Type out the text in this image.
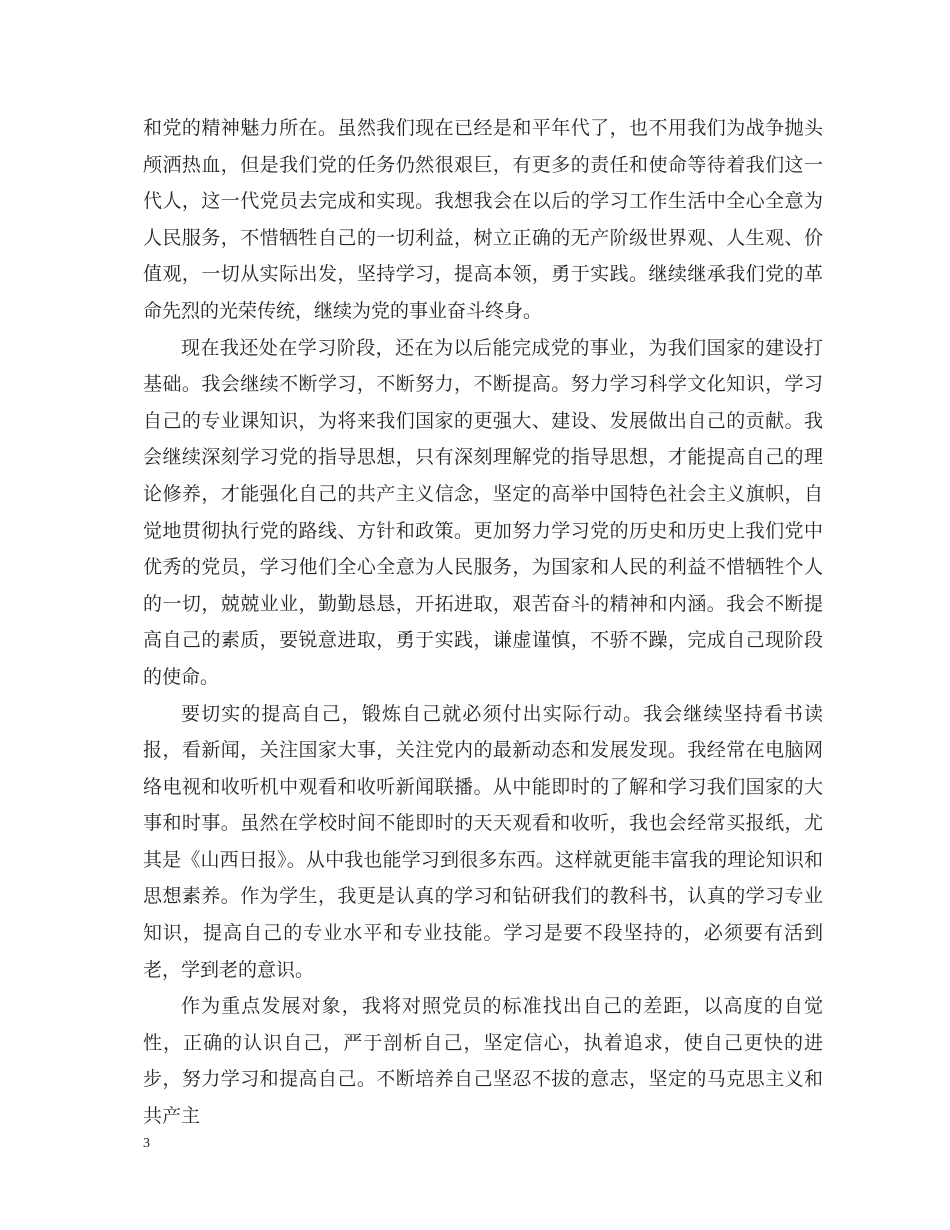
和党的精神魅力所在。虽然我们现在已经是和平年代了，也不用我们为战争抛头颅洒热血，但是我们党的任务仍然很艰巨，有更多的责任和使命等待着我们这一代人，这一代党员去完成和实现。我想我会在以后的学习工作生活中全心全意为人民服务，不惜牺牲自己的一切利益，树立正确的无产阶级世界观、人生观、价值观，一切从实际出发，坚持学习，提高本领，勇于实践。继续继承我们党的革命先烈的光荣传统，继续为党的事业奋斗终身。

现在我还处在学习阶段，还在为以后能完成党的事业，为我们国家的建设打基础。我会继续不断学习，不断努力，不断提高。努力学习科学文化知识，学习自己的专业课知识，为将来我们国家的更强大、建设、发展做出自己的贡献。我会继续深刻学习党的指导思想，只有深刻理解党的指导思想，才能提高自己的理论修养，才能强化自己的共产主义信念，坚定的高举中国特色社会主义旗帜，自觉地贯彻执行党的路线、方针和政策。更加努力学习党的历史和历史上我们党中优秀的党员，学习他们全心全意为人民服务，为国家和人民的利益不惜牺牲个人的一切，兢兢业业，勤勤恳恳，开拓进取，艰苦奋斗的精神和内涵。我会不断提高自己的素质，要锐意进取，勇于实践，谦虚谨慎，不骄不躁，完成自己现阶段的使命。

要切实的提高自己，锻炼自己就必须付出实际行动。我会继续坚持看书读报，看新闻，关注国家大事，关注党内的最新动态和发展发现。我经常在电脑网络电视和收听机中观看和收听新闻联播。从中能即时的了解和学习我们国家的大事和时事。虽然在学校时间不能即时的天天观看和收听，我也会经常买报纸，尤其是《山西日报》。从中我也能学习到很多东西。这样就更能丰富我的理论知识和思想素养。作为学生，我更是认真的学习和钻研我们的教科书，认真的学习专业知识，提高自己的专业水平和专业技能。学习是要不段坚持的，必须要有活到老，学到老的意识。

作为重点发展对象，我将对照党员的标准找出自己的差距，以高度的自觉性，正确的认识自己，严于剖析自己，坚定信心，执着追求，使自己更快的进步，努力学习和提高自己。不断培养自己坚忍不拔的意志，坚定的马克思主义和共产主

3
